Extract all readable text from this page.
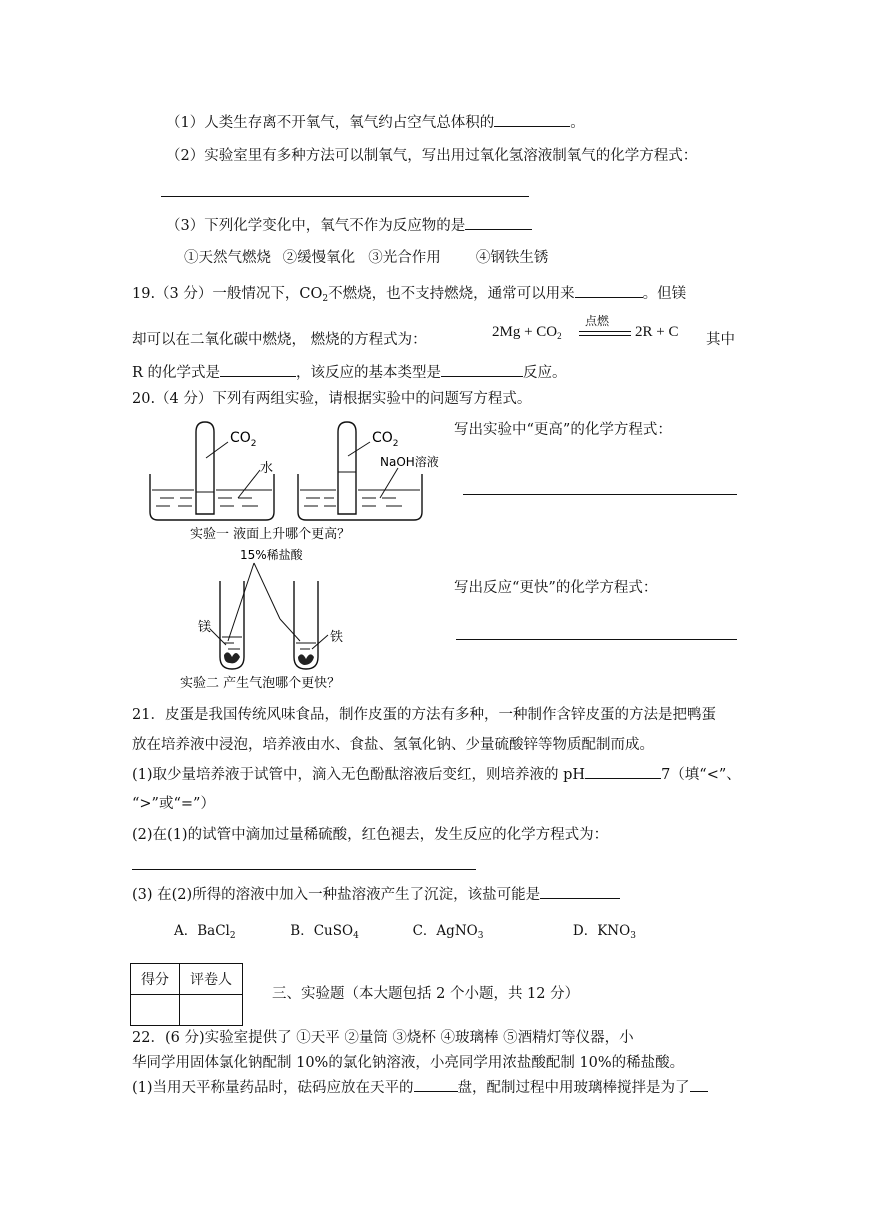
（1）人类生存离不开氧气，氧气约占空气总体积的	。
（2）实验室里有多种方法可以制氧气，写出用过氧化氢溶液制氧气的化学方程式：
（3）下列化学变化中，氧气不作为反应物的是
①天然气燃烧 ②缓慢氧化 ③光合作用 ④钢铁生锈
19.（3 分）一般情况下，$CO_2$不燃烧，也不支持燃烧，通常可以用来	。但镁
却可以在二氧化碳中燃烧， 燃烧的方程式为：	$2Mg + CO_2$
点燃
2R + C 其中
R 的化学式是	，该反应的基本类型是	反应。
20.（4 分）下列有两组实验，请根据实验中的问题写方程式。
$CO_2$
水
$CO_2$
NaOH溶液
实验一 液面上升哪个更高？
写出实验中“更高”的化学方程式：
15%稀盐酸
镁
铁
实验二 产生气泡哪个更快？
写出反应“更快”的化学方程式：
21．皮蛋是我国传统风味食品，制作皮蛋的方法有多种，一种制作含锌皮蛋的方法是把鸭蛋
放在培养液中浸泡，培养液由水、食盐、氢氧化钠、少量硫酸锌等物质配制而成。
(1)取少量培养液于试管中，滴入无色酚酞溶液后变红，则培养液的 pH	7（填“<”、
“>”或“=”）
(2)在(1)的试管中滴加过量稀硫酸，红色褪去，发生反应的化学方程式为：
(3) 在(2)所得的溶液中加入一种盐溶液产生了沉淀，该盐可能是
A．BaCl$_2$	B．CuSO$_4$	C．AgNO$_3$	D．$KNO_3$
得分	评卷人

三、实验题（本大题包括 2 个小题，共 12 分）
22．(6 分)实验室提供了 ①天平 ②量筒 ③烧杯 ④玻璃棒 ⑤酒精灯等仪器，小
华同学用固体氯化钠配制 10%的氯化钠溶液，小亮同学用浓盐酸配制 10%的稀盐酸。
(1)当用天平称量药品时，砝码应放在天平的	盘，配制过程中用玻璃棒搅拌是为了
